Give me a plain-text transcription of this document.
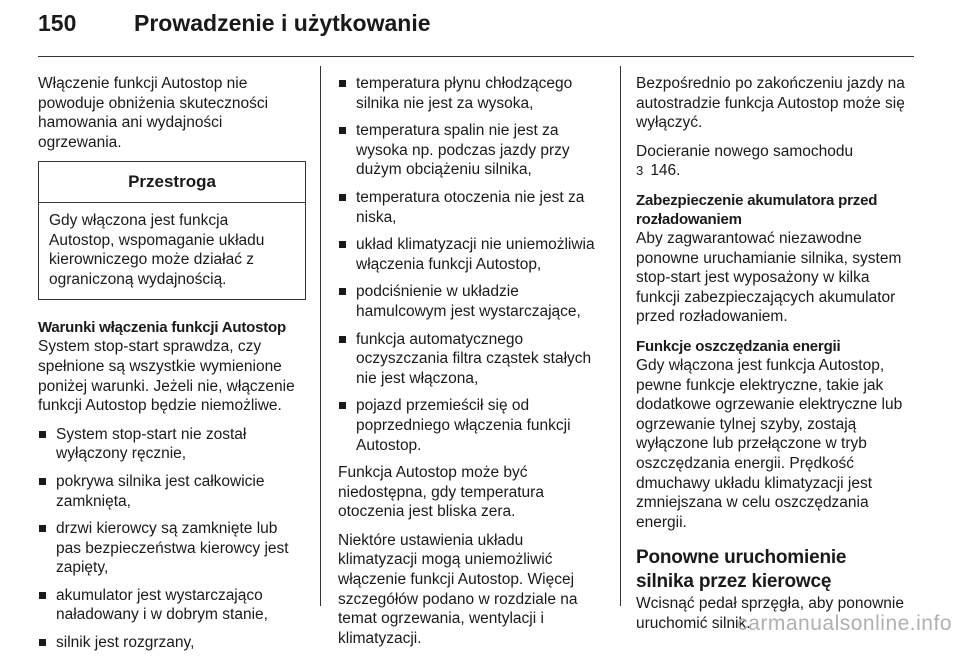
150	Prowadzenie i użytkowanie

Włączenie funkcji Autostop nie powoduje obniżenia skuteczności hamowania ani wydajności ogrzewania.

Przestroga
Gdy włączona jest funkcja Autostop, wspomaganie układu kierowniczego może działać z ograniczoną wydajnością.
Warunki włączenia funkcji Autostop

System stop-start sprawdza, czy spełnione są wszystkie wymienione poniżej warunki. Jeżeli nie, włączenie funkcji Autostop będzie niemożliwe.

System stop-start nie został wyłączony ręcznie,
pokrywa silnika jest całkowicie zamknięta,
drzwi kierowcy są zamknięte lub pas bezpieczeństwa kierowcy jest zapięty,
akumulator jest wystarczająco naładowany i w dobrym stanie,
silnik jest rozgrzany,
temperatura płynu chłodzącego silnika nie jest za wysoka,
temperatura spalin nie jest za wysoka np. podczas jazdy przy dużym obciążeniu silnika,
temperatura otoczenia nie jest za niska,
układ klimatyzacji nie uniemożliwia włączenia funkcji Autostop,
podciśnienie w układzie hamulcowym jest wystarczające,
funkcja automatycznego oczyszczania filtra cząstek stałych nie jest włączona,
pojazd przemieścił się od poprzedniego włączenia funkcji Autostop.

Funkcja Autostop może być niedostępna, gdy temperatura otoczenia jest bliska zera.

Niektóre ustawienia układu klimatyzacji mogą uniemożliwić włączenie funkcji Autostop. Więcej szczegółów podano w rozdziale na temat ogrzewania, wentylacji i klimatyzacji.

Bezpośrednio po zakończeniu jazdy na autostradzie funkcja Autostop może się wyłączyć.

Docieranie nowego samochodu
3 146.

Zabezpieczenie akumulatora przed rozładowaniem

Aby zagwarantować niezawodne ponowne uruchamianie silnika, system stop-start jest wyposażony w kilka funkcji zabezpieczających akumulator przed rozładowaniem.

Funkcje oszczędzania energii

Gdy włączona jest funkcja Autostop, pewne funkcje elektryczne, takie jak dodatkowe ogrzewanie elektryczne lub ogrzewanie tylnej szyby, zostają wyłączone lub przełączone w tryb oszczędzania energii. Prędkość dmuchawy układu klimatyzacji jest zmniejszana w celu oszczędzania energii.

Ponowne uruchomienie silnika przez kierowcę

Wcisnąć pedał sprzęgła, aby ponownie uruchomić silnik.

carmanualsonline.info
